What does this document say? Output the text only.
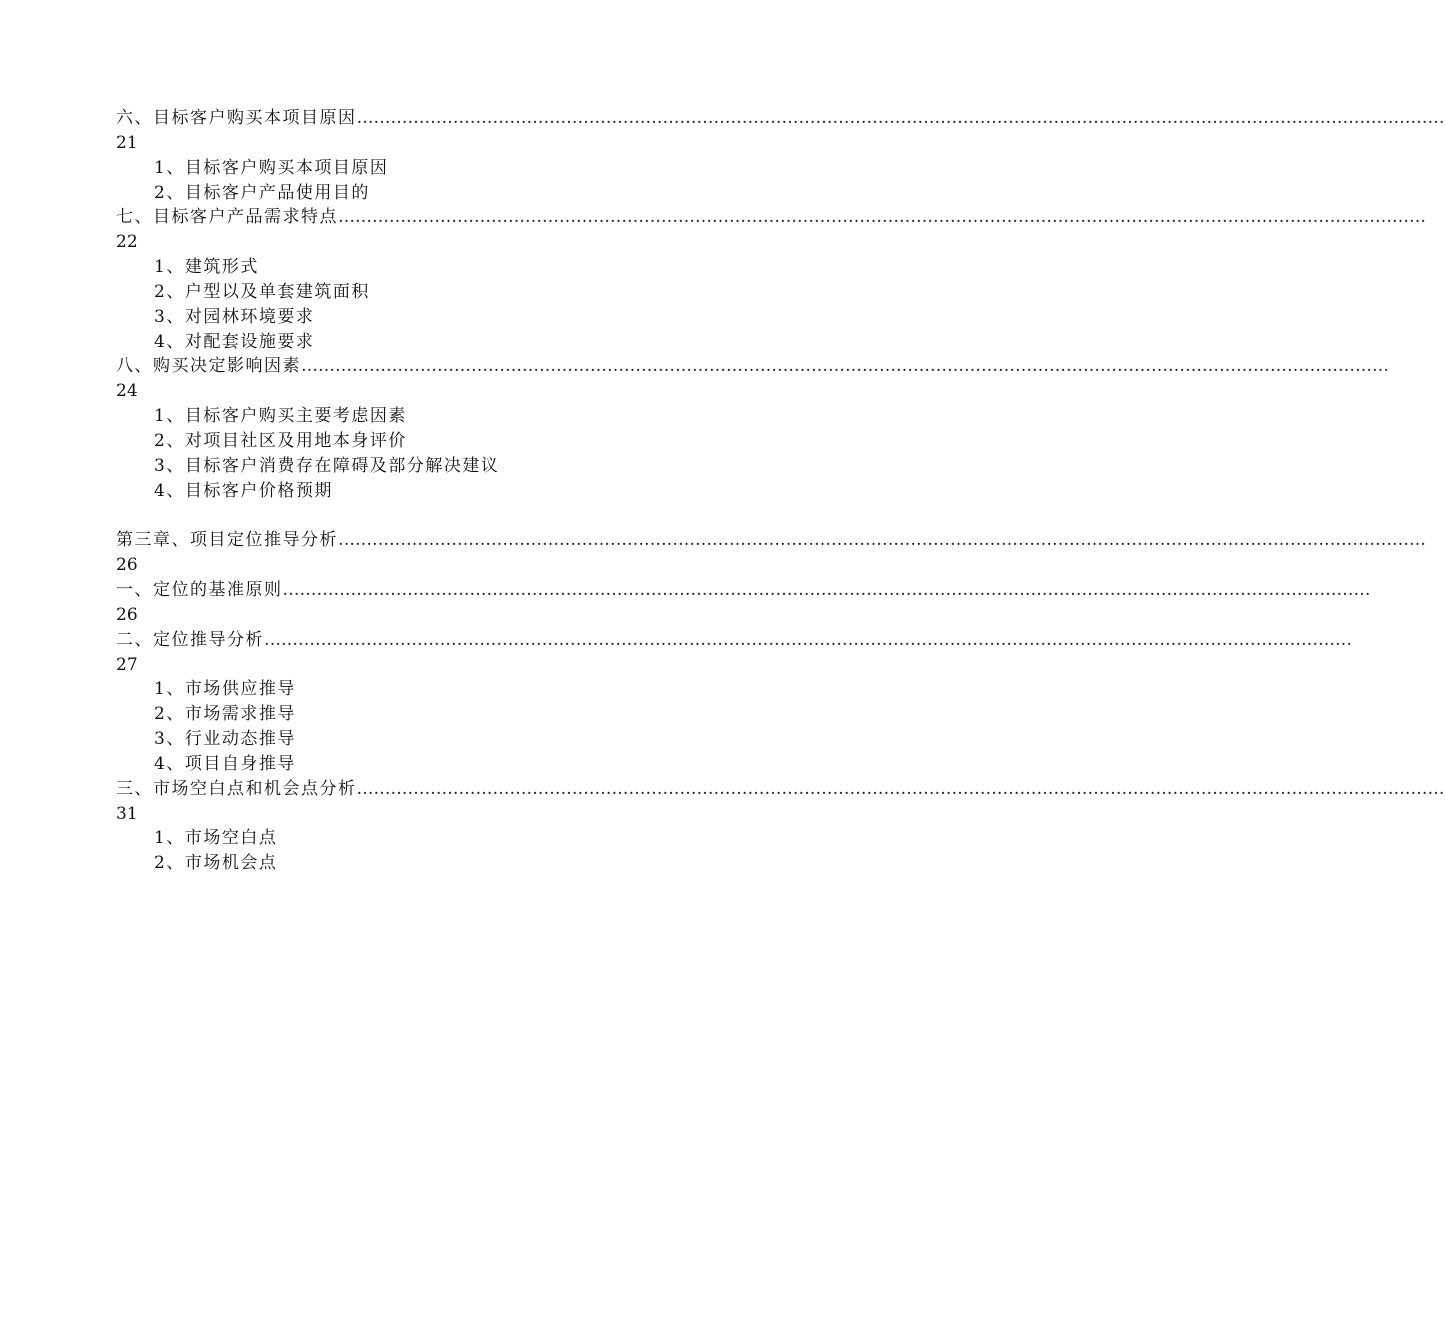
六、目标客户购买本项目原因 …………………………………………………………………………………………………………………………………………………………………………
21
1、目标客户购买本项目原因
2、目标客户产品使用目的
七、目标客户产品需求特点 …………………………………………………………………………………………………………………………………………………………………………
22
1、建筑形式
2、户型以及单套建筑面积
3、对园林环境要求
4、对配套设施要求
八、购买决定影响因素 …………………………………………………………………………………………………………………………………………………………………………
24
1、目标客户购买主要考虑因素
2、对项目社区及用地本身评价
3、目标客户消费存在障碍及部分解决建议
4、目标客户价格预期
第三章、项目定位推导分析 …………………………………………………………………………………………………………………………………………………………………………
26
一、定位的基准原则 …………………………………………………………………………………………………………………………………………………………………………
26
二、定位推导分析 …………………………………………………………………………………………………………………………………………………………………………
27
1、市场供应推导
2、市场需求推导
3、行业动态推导
4、项目自身推导
三、市场空白点和机会点分析 …………………………………………………………………………………………………………………………………………………………………………
31
1、市场空白点
2、市场机会点
